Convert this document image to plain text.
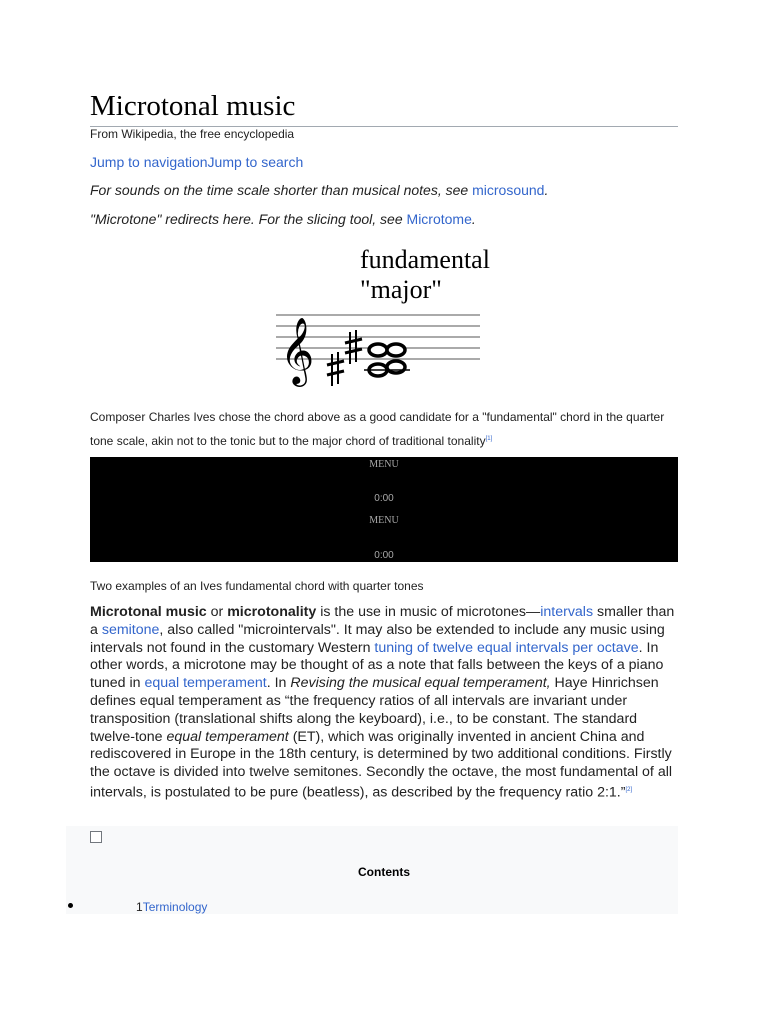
Microtonal music
From Wikipedia, the free encyclopedia
Jump to navigationJump to search
For sounds on the time scale shorter than musical notes, see microsound.
"Microtone" redirects here. For the slicing tool, see Microtome.
fundamental
"major"
𝄞
Composer Charles Ives chose the chord above as a good candidate for a "fundamental" chord in the quarter tone scale, akin not to the tonic but to the major chord of traditional tonality[1]
MENU
0:00
MENU
0:00
Two examples of an Ives fundamental chord with quarter tones

Microtonal music or microtonality is the use in music of microtones—intervals smaller than a semitone, also called "microintervals". It may also be extended to include any music using intervals not found in the customary Western tuning of twelve equal intervals per octave. In other words, a microtone may be thought of as a note that falls between the keys of a piano tuned in equal temperament. In Revising the musical equal temperament, Haye Hinrichsen defines equal temperament as “the frequency ratios of all intervals are invariant under transposition (translational shifts along the keyboard), i.e., to be constant. The standard twelve-tone equal temperament (ET), which was originally invented in ancient China and rediscovered in Europe in the 18th century, is determined by two additional conditions. Firstly the octave is divided into twelve semitones. Secondly the octave, the most fundamental of all intervals, is postulated to be pure (beatless), as described by the frequency ratio 2:1.”[2]

Contents
1Terminology
